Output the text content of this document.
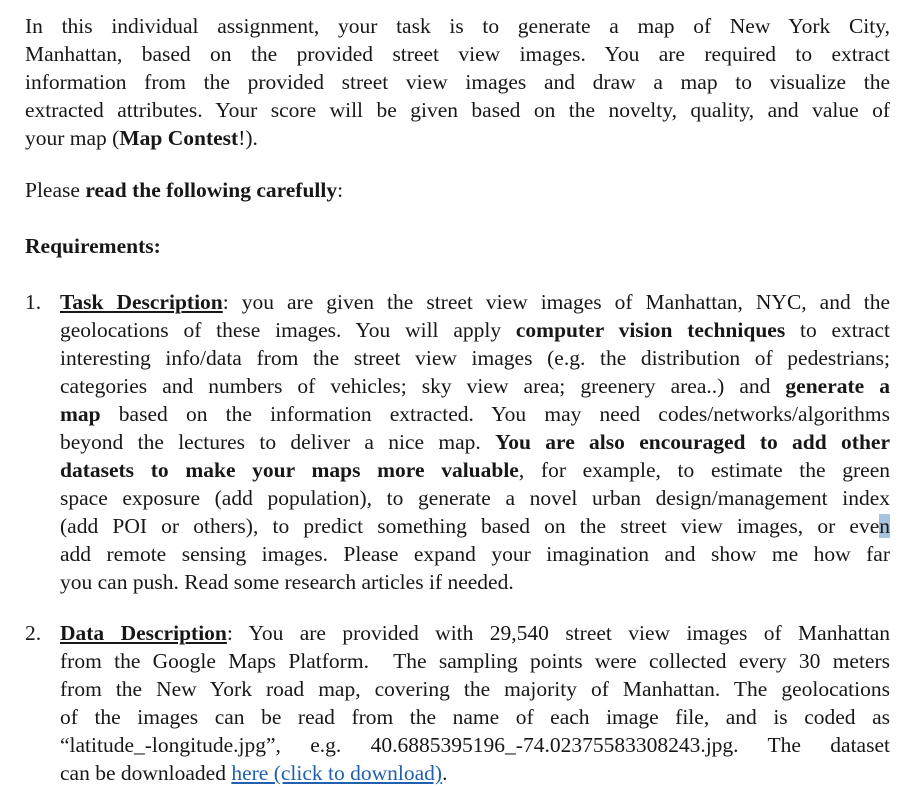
In this individual assignment, your task is to generate a map of New York City,
Manhattan, based on the provided street view images. You are required to extract
information from the provided street view images and draw a map to visualize the
extracted attributes. Your score will be given based on the novelty, quality, and value of
your map (Map Contest!).
Please read the following carefully:
Requirements:
1. Task Description: you are given the street view images of Manhattan, NYC, and the
geolocations of these images. You will apply computer vision techniques to extract
interesting info/data from the street view images (e.g. the distribution of pedestrians;
categories and numbers of vehicles; sky view area; greenery area..) and generate a
map based on the information extracted. You may need codes/networks/algorithms
beyond the lectures to deliver a nice map. You are also encouraged to add other
datasets to make your maps more valuable, for example, to estimate the green
space exposure (add population), to generate a novel urban design/management index
(add POI or others), to predict something based on the street view images, or even
add remote sensing images. Please expand your imagination and show me how far
you can push. Read some research articles if needed.
2. Data Description: You are provided with 29,540 street view images of Manhattan
from the Google Maps Platform.  The sampling points were collected every 30 meters
from the New York road map, covering the majority of Manhattan. The geolocations
of the images can be read from the name of each image file, and is coded as
“latitude_-longitude.jpg”, e.g. 40.6885395196_-74.02375583308243.jpg. The dataset
can be downloaded here (click to download).
